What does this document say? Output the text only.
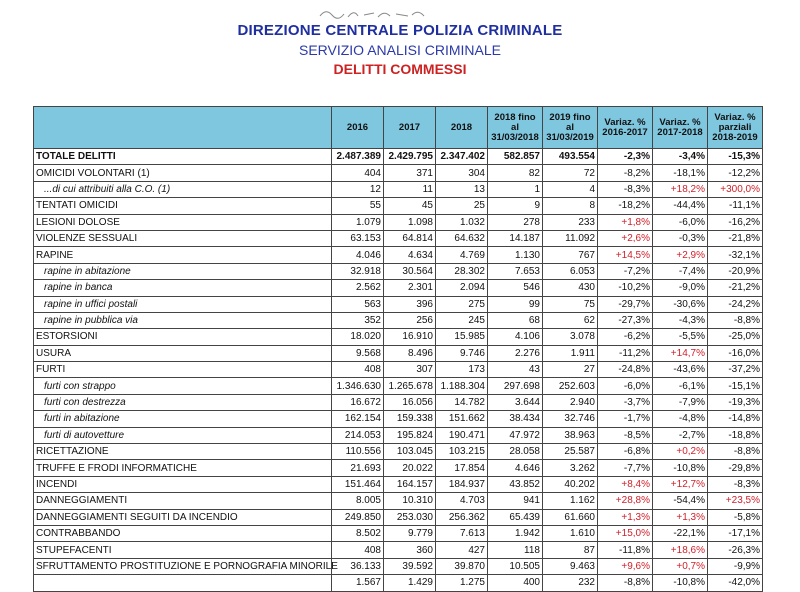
DIREZIONE CENTRALE POLIZIA CRIMINALE
SERVIZIO ANALISI CRIMINALE
DELITTI COMMESSI
	2016	2017	2018	2018 fino al 31/03/2018	2019 fino al 31/03/2019	Variaz. % 2016-2017	Variaz. % 2017-2018	Variaz. % parziali 2018-2019
TOTALE DELITTI	2.487.389	2.429.795	2.347.402	582.857	493.554	-2,3%	-3,4%	-15,3%
OMICIDI VOLONTARI (1)	404	371	304	82	72	-8,2%	-18,1%	-12,2%
...di cui attribuiti alla C.O. (1)	12	11	13	1	4	-8,3%	+18,2%	+300,0%
TENTATI OMICIDI	55	45	25	9	8	-18,2%	-44,4%	-11,1%
LESIONI DOLOSE	1.079	1.098	1.032	278	233	+1,8%	-6,0%	-16,2%
VIOLENZE SESSUALI	63.153	64.814	64.632	14.187	11.092	+2,6%	-0,3%	-21,8%
RAPINE	4.046	4.634	4.769	1.130	767	+14,5%	+2,9%	-32,1%
rapine in abitazione	32.918	30.564	28.302	7.653	6.053	-7,2%	-7,4%	-20,9%
rapine in banca	2.562	2.301	2.094	546	430	-10,2%	-9,0%	-21,2%
rapine in uffici postali	563	396	275	99	75	-29,7%	-30,6%	-24,2%
rapine in pubblica via	352	256	245	68	62	-27,3%	-4,3%	-8,8%
ESTORSIONI	18.020	16.910	15.985	4.106	3.078	-6,2%	-5,5%	-25,0%
USURA	9.568	8.496	9.746	2.276	1.911	-11,2%	+14,7%	-16,0%
FURTI	408	307	173	43	27	-24,8%	-43,6%	-37,2%
furti con strappo	1.346.630	1.265.678	1.188.304	297.698	252.603	-6,0%	-6,1%	-15,1%
furti con destrezza	16.672	16.056	14.782	3.644	2.940	-3,7%	-7,9%	-19,3%
furti in abitazione	162.154	159.338	151.662	38.434	32.746	-1,7%	-4,8%	-14,8%
furti di autovetture	214.053	195.824	190.471	47.972	38.963	-8,5%	-2,7%	-18,8%
RICETTAZIONE	110.556	103.045	103.215	28.058	25.587	-6,8%	+0,2%	-8,8%
TRUFFE E FRODI INFORMATICHE	21.693	20.022	17.854	4.646	3.262	-7,7%	-10,8%	-29,8%
INCENDI	151.464	164.157	184.937	43.852	40.202	+8,4%	+12,7%	-8,3%
DANNEGGIAMENTI	8.005	10.310	4.703	941	1.162	+28,8%	-54,4%	+23,5%
DANNEGGIAMENTI SEGUITI DA INCENDIO	249.850	253.030	256.362	65.439	61.660	+1,3%	+1,3%	-5,8%
CONTRABBANDO	8.502	9.779	7.613	1.942	1.610	+15,0%	-22,1%	-17,1%
STUPEFACENTI	408	360	427	118	87	-11,8%	+18,6%	-26,3%
SFRUTTAMENTO PROSTITUZIONE E PORNOGRAFIA MINORILE	36.133	39.592	39.870	10.505	9.463	+9,6%	+0,7%	-9,9%
	1.567	1.429	1.275	400	232	-8,8%	-10,8%	-42,0%
